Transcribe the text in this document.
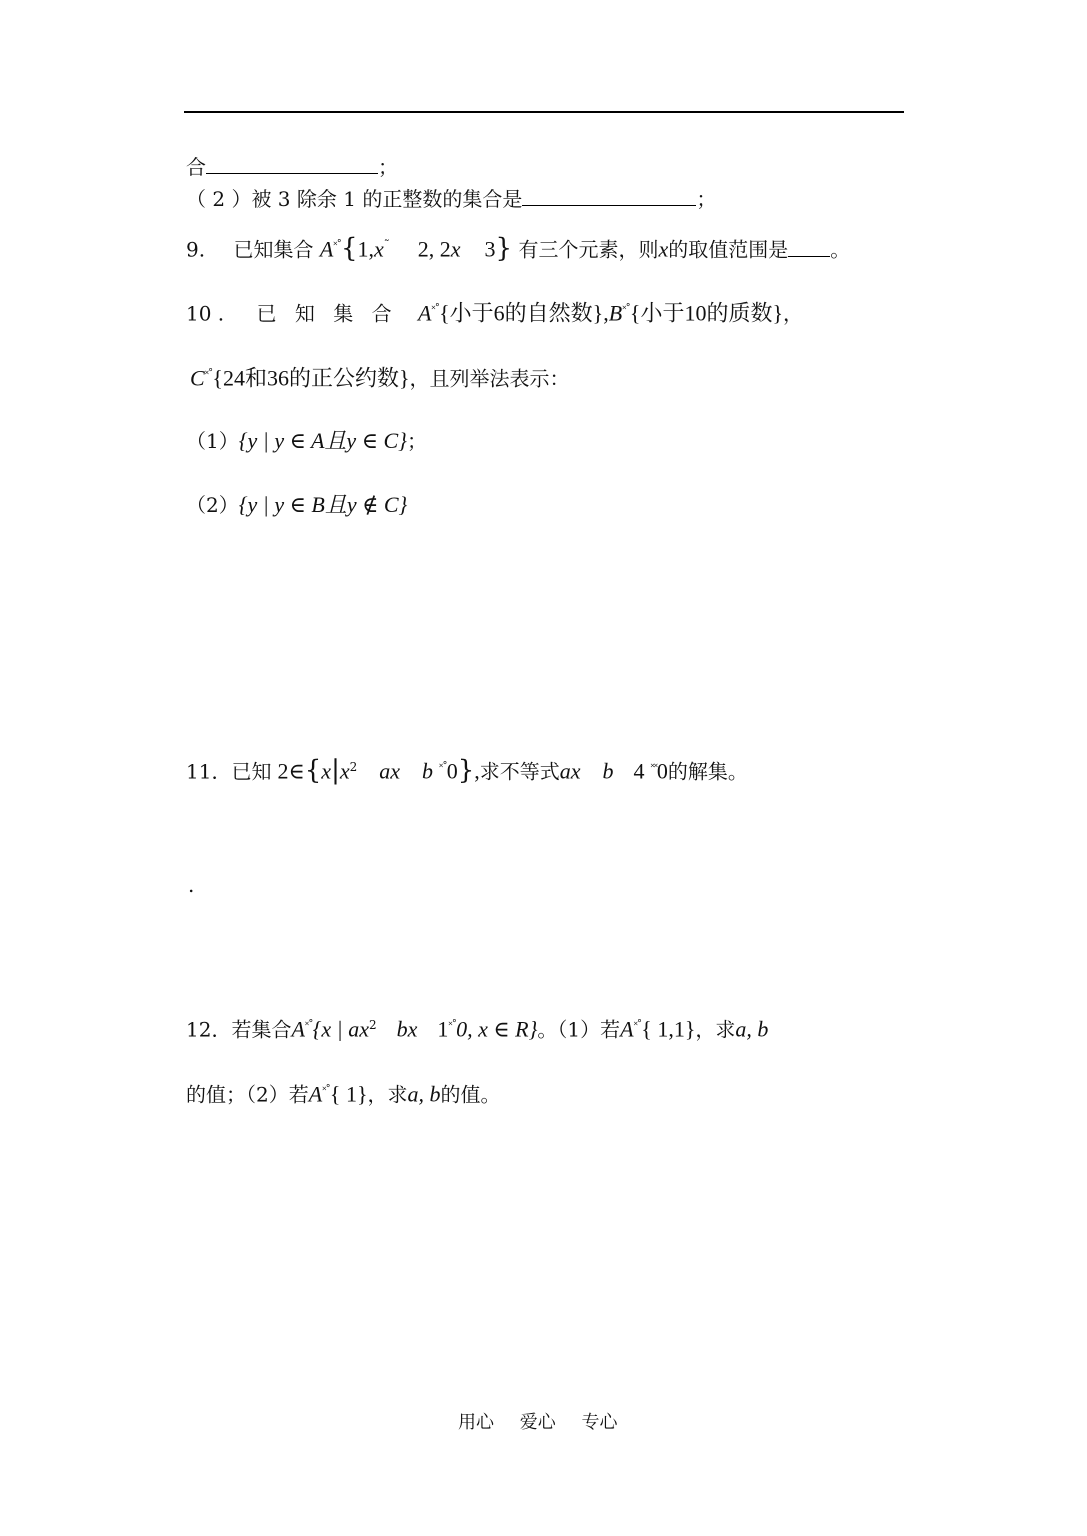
合	；
（ 2 ）被 3 除余 1 的正整数的集合是	；
9. 已知集合 A˟˚{1,x˜ 2, 2x 3} 有三个元素，则x的取值范围是 。
10 . 已 知 集 合 A˟˚{小于6的自然数},B˟˚{小于10的质数}，
C˟˚{24和36的正公约数}，且列举法表示：
（1）{y | y ∈ A且y ∈ C}；
（2）{y | y ∈ B且y ∉ C}
11．已知 $2\in\{x|x^2$ ax b ˟˚0},求不等式ax b 4 ˟˟0的解集。
.
12．若集合A˟˚{x | $ax^2$ bx 1˟˚0, x ∈ R}。（1）若A˟˚{ 1,1}，求a, b
的值；（2）若A˟˚{ 1}，求a, b的值。
用心 爱心 专心
